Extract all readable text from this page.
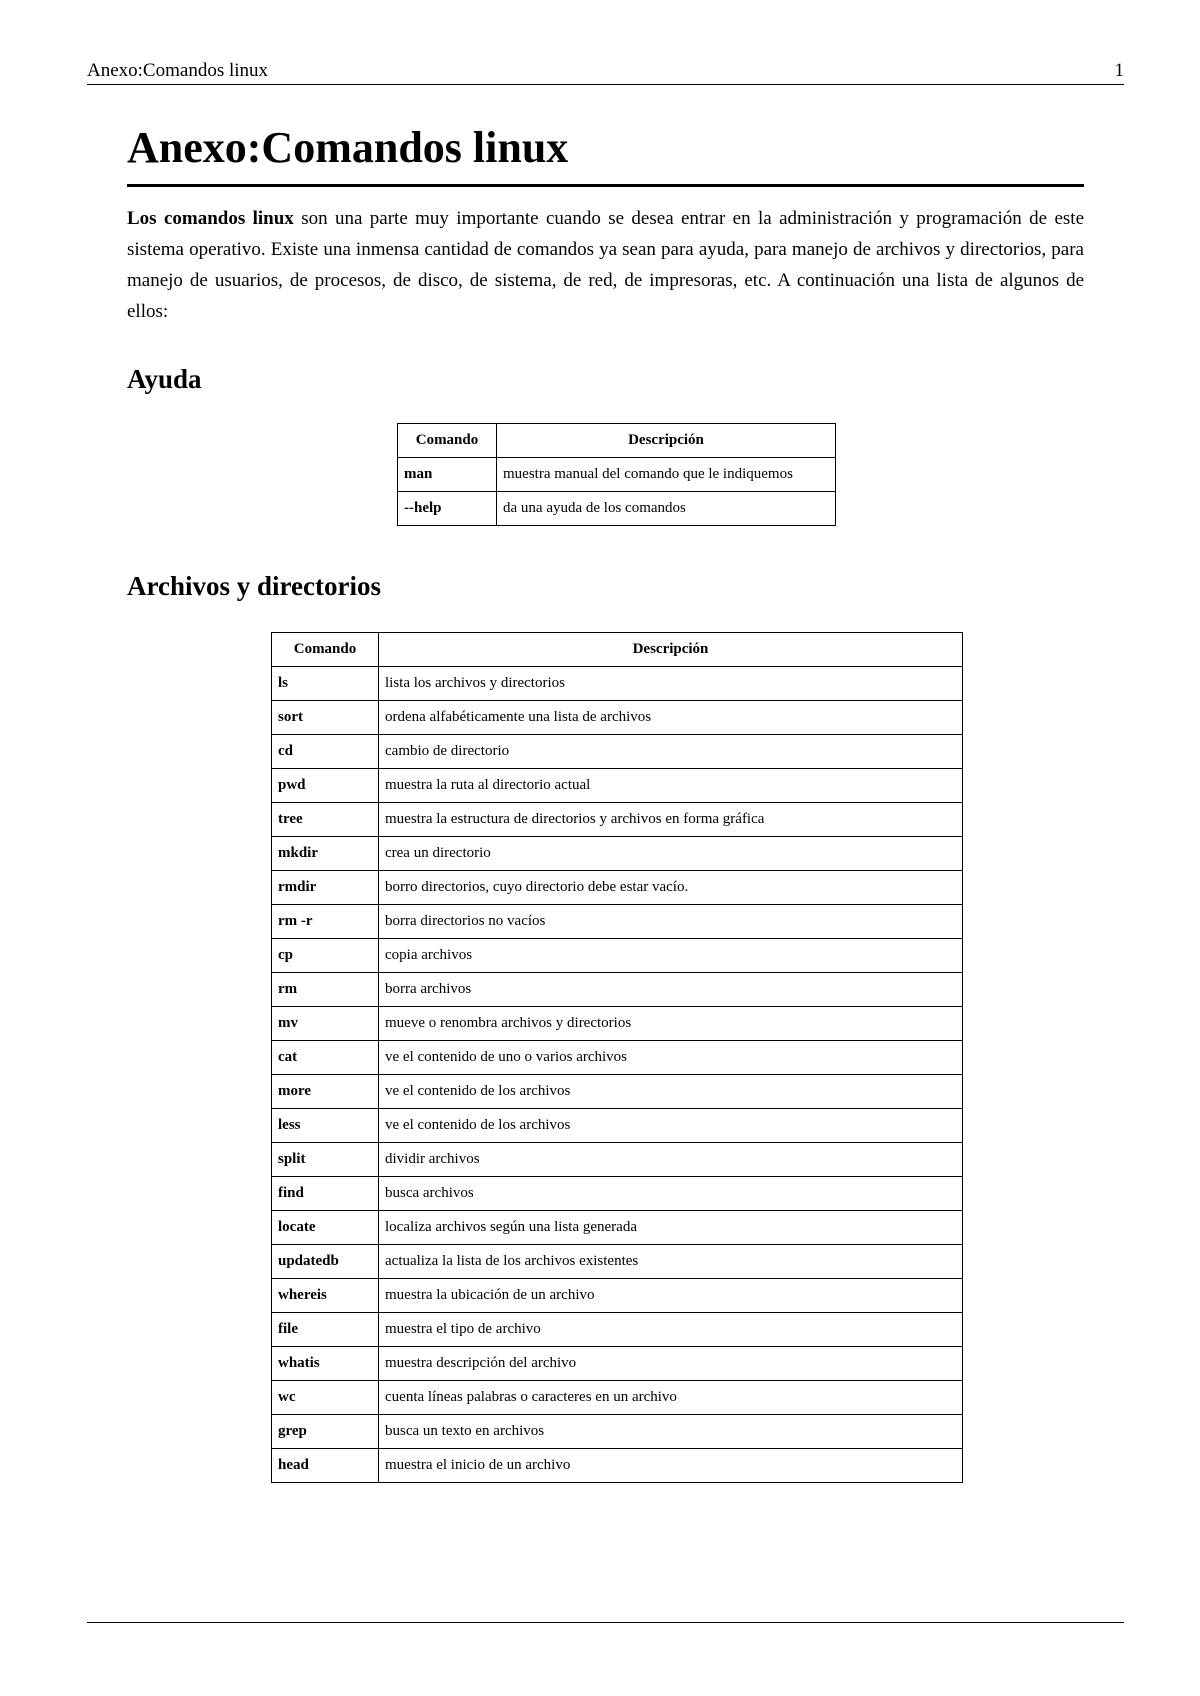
Anexo:Comandos linux	1
Anexo:Comandos linux

Los comandos linux son una parte muy importante cuando se desea entrar en la administración y programación de este sistema operativo. Existe una inmensa cantidad de comandos ya sean para ayuda, para manejo de archivos y directorios, para manejo de usuarios, de procesos, de disco, de sistema, de red, de impresoras, etc. A continuación una lista de algunos de ellos:

Ayuda
Comando	Descripción
man	muestra manual del comando que le indiquemos
--help	da una ayuda de los comandos
Archivos y directorios
Comando	Descripción
ls	lista los archivos y directorios
sort	ordena alfabéticamente una lista de archivos
cd	cambio de directorio
pwd	muestra la ruta al directorio actual
tree	muestra la estructura de directorios y archivos en forma gráfica
mkdir	crea un directorio
rmdir	borro directorios, cuyo directorio debe estar vacío.
rm -r	borra directorios no vacíos
cp	copia archivos
rm	borra archivos
mv	mueve o renombra archivos y directorios
cat	ve el contenido de uno o varios archivos
more	ve el contenido de los archivos
less	ve el contenido de los archivos
split	dividir archivos
find	busca archivos
locate	localiza archivos según una lista generada
updatedb	actualiza la lista de los archivos existentes
whereis	muestra la ubicación de un archivo
file	muestra el tipo de archivo
whatis	muestra descripción del archivo
wc	cuenta líneas palabras o caracteres en un archivo
grep	busca un texto en archivos
head	muestra el inicio de un archivo
